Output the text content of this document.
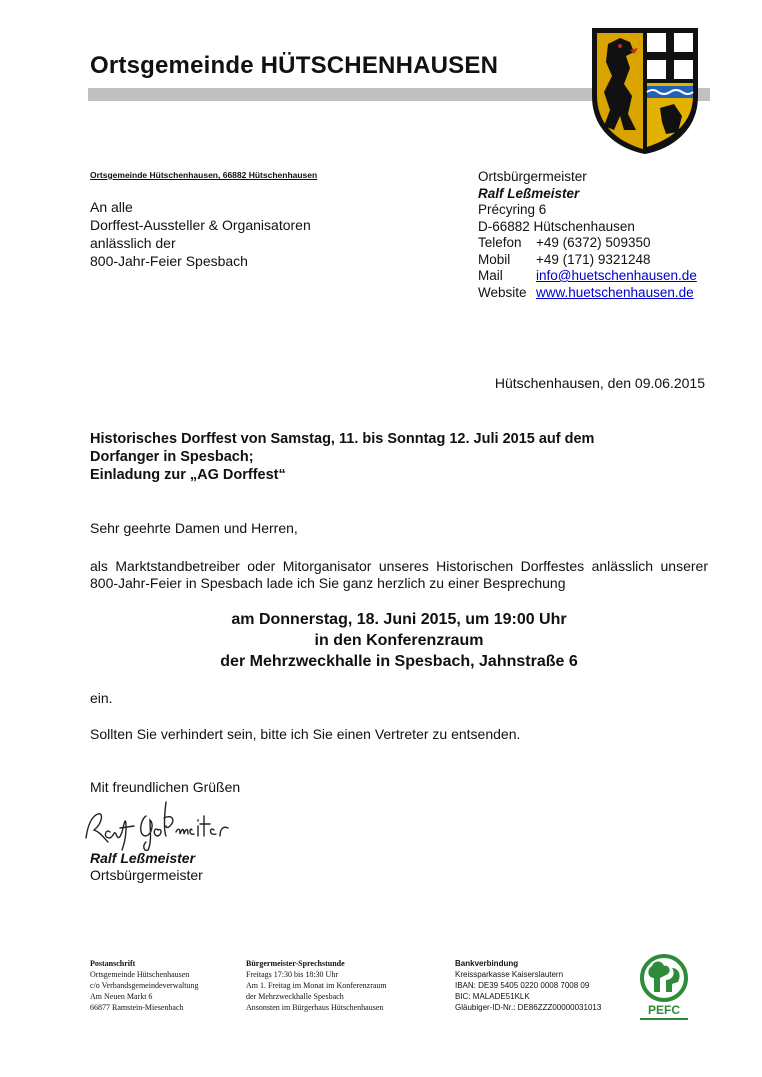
Ortsgemeinde HÜTSCHENHAUSEN
Ortsgemeinde Hütschenhausen, 66882 Hütschenhausen
An alle
Dorffest-Aussteller & Organisatoren
anlässlich der
800-Jahr-Feier Spesbach
Ortsbürgermeister
Ralf Leßmeister
Précyring 6
D-66882 Hütschenhausen
Telefon +49 (6372) 509350
Mobil +49 (171) 9321248
Mail info@huetschenhausen.de
Website www.huetschenhausen.de
Hütschenhausen, den 09.06.2015
Historisches Dorffest von Samstag, 11. bis Sonntag 12. Juli 2015 auf dem
Dorfanger in Spesbach;
Einladung zur „AG Dorffest“
Sehr geehrte Damen und Herren,
als Marktstandbetreiber oder Mitorganisator unseres Historischen Dorffestes anlässlich unserer 800-Jahr-Feier in Spesbach lade ich Sie ganz herzlich zu einer Besprechung
am Donnerstag, 18. Juni 2015, um 19:00 Uhr
in den Konferenzraum
der Mehrzweckhalle in Spesbach, Jahnstraße 6
ein.
Sollten Sie verhindert sein, bitte ich Sie einen Vertreter zu entsenden.
Mit freundlichen Grüßen
Ralf Leßmeister
Ortsbürgermeister
Postanschrift
Ortsgemeinde Hütschenhausen
c/o Verbandsgemeindeverwaltung
Am Neuen Markt 6
66877 Ramstein-Miesenbach
Bürgermeister-Sprechstunde
Freitags 17:30 bis 18:30 Uhr
Am 1. Freitag im Monat im Konferenzraum
der Mehrzweckhalle Spesbach
Ansonsten im Bürgerhaus Hütschenhausen
Bankverbindung
Kreissparkasse Kaiserslautern
IBAN: DE39 5405 0220 0008 7008 09
BIC: MALADE51KLK
Gläubiger-ID-Nr.: DE86ZZZ00000031013	PEFC
